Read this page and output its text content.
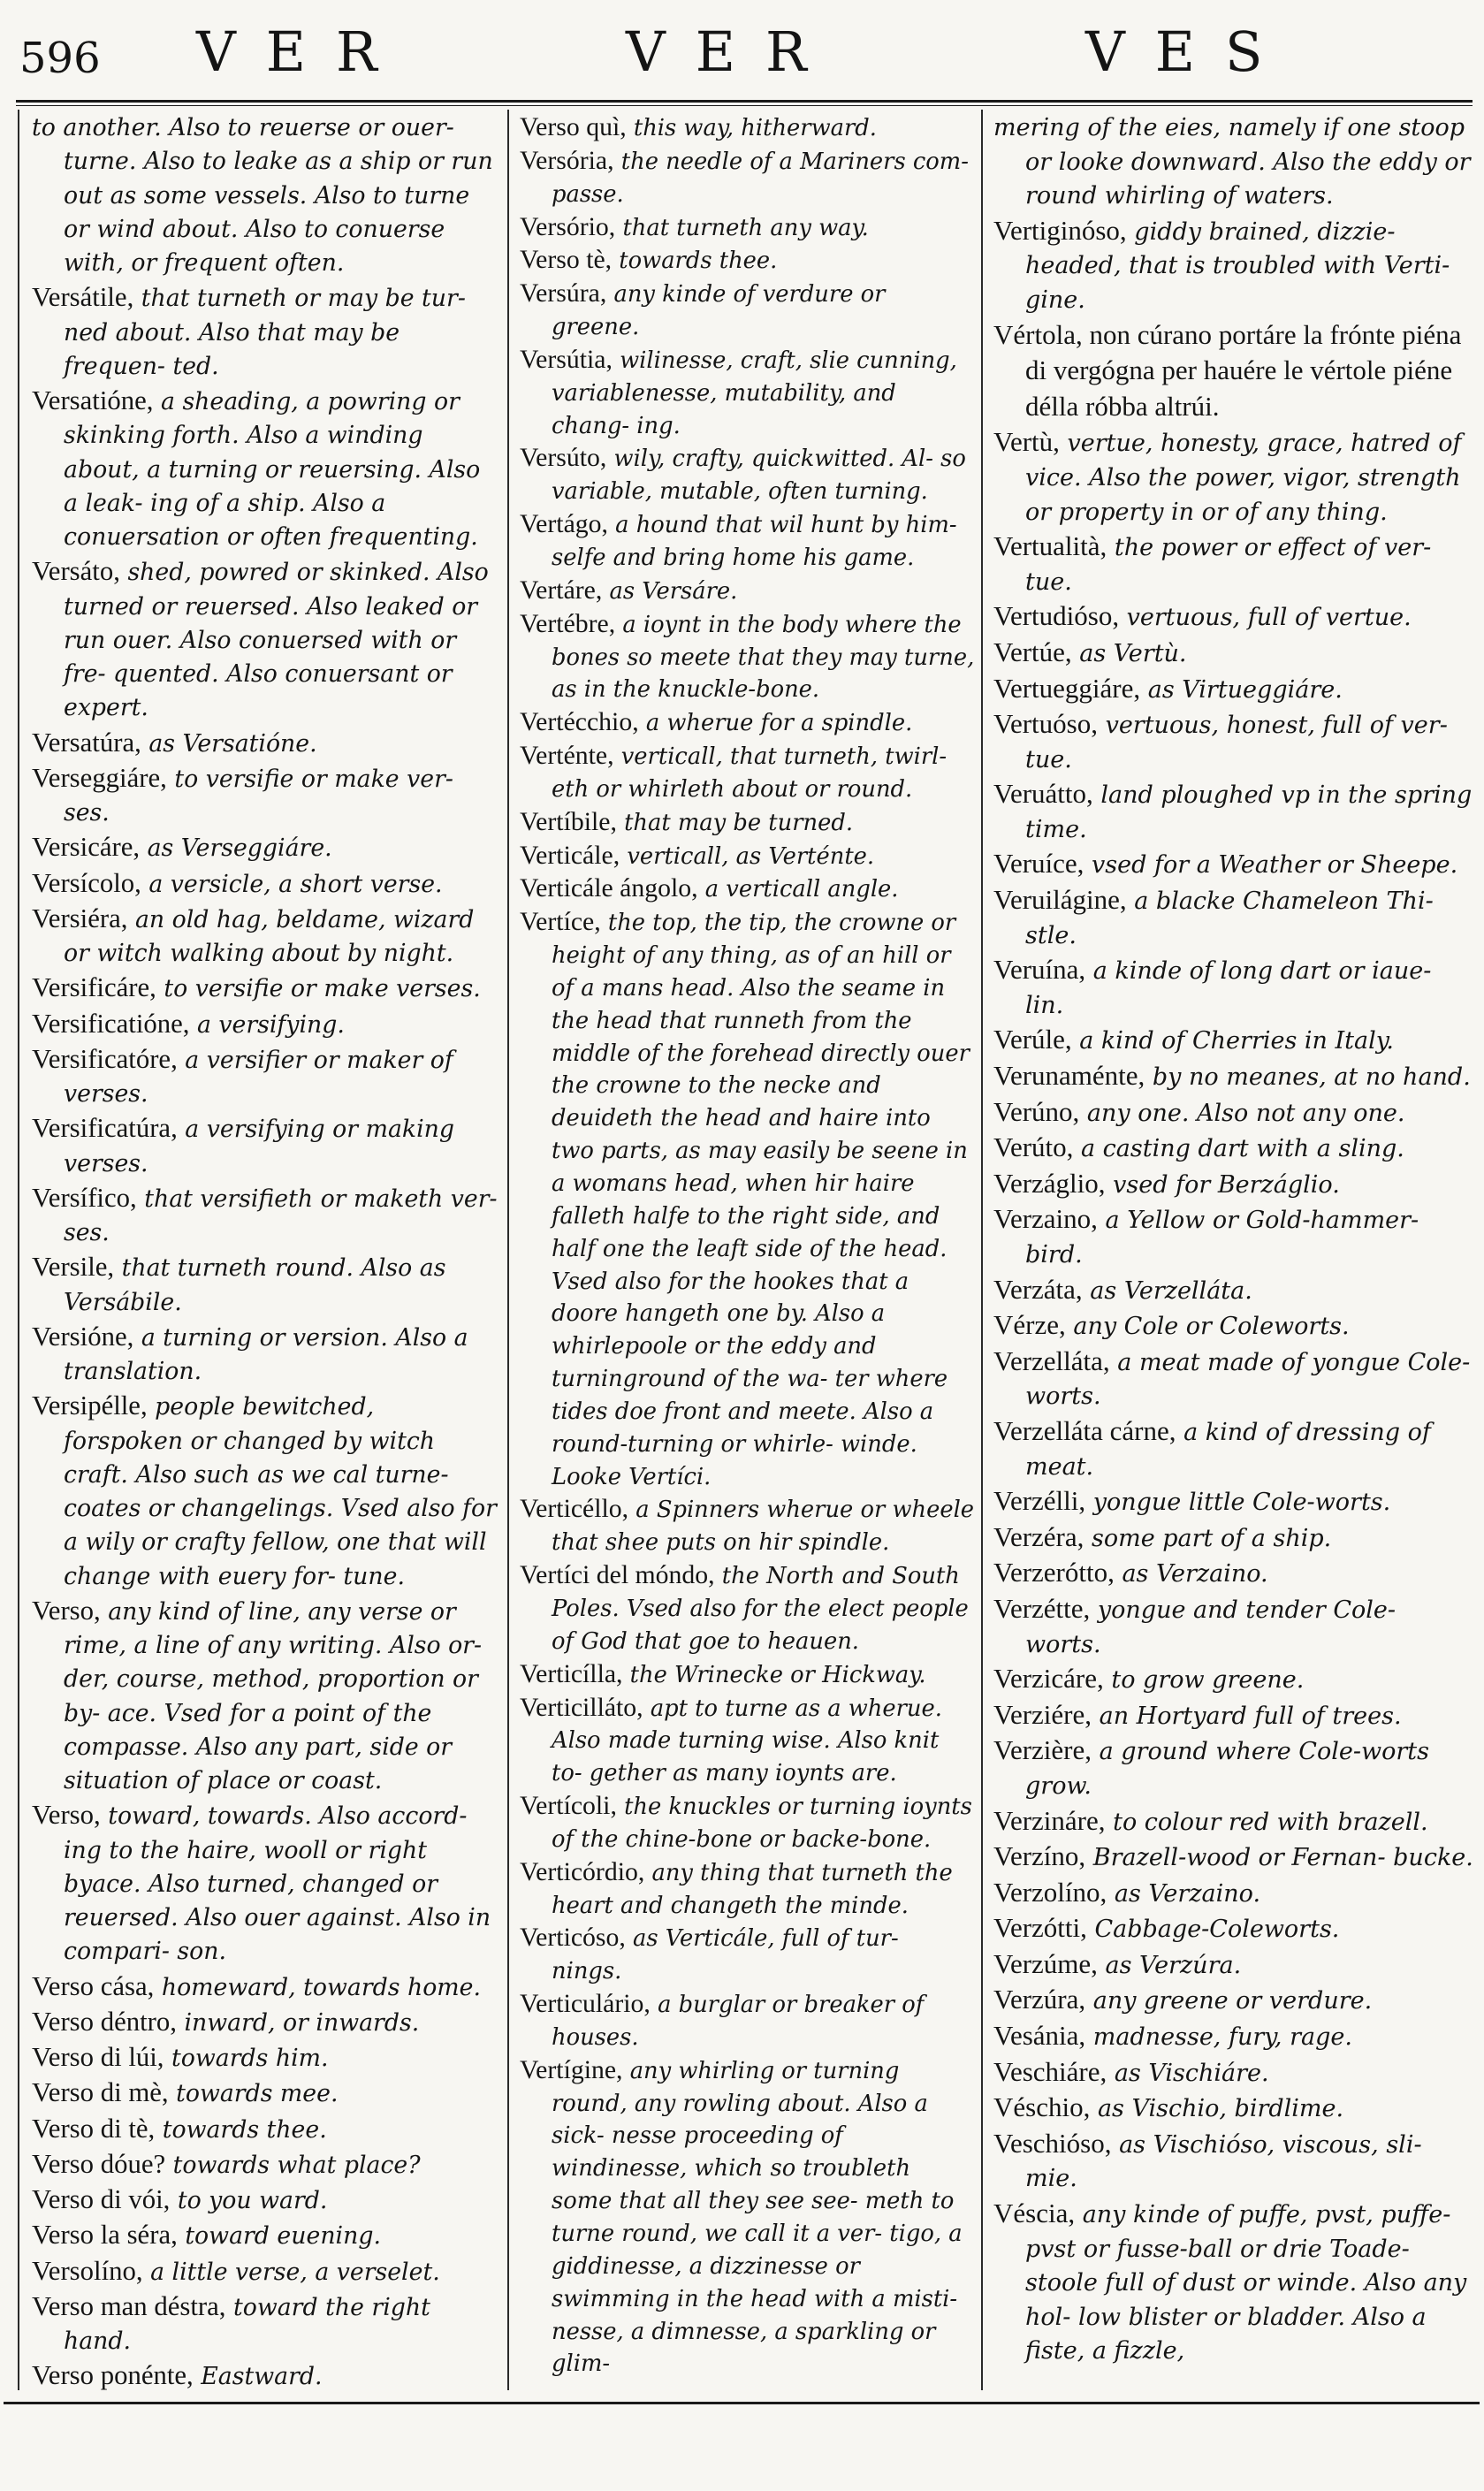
596 VER	VER	VES
to another. Also to reuerse or ouer- turne. Also to leake as a ship or run out as some vessels. Also to turne or wind about. Also to conuerse with, or frequent often.
Versátile, that turneth or may be tur- ned about. Also that may be frequen- ted.
Versatióne, a sheading, a powring or skinking forth. Also a winding about, a turning or reuersing. Also a leak- ing of a ship. Also a conuersation or often frequenting.
Versáto, shed, powred or skinked. Also turned or reuersed. Also leaked or run ouer. Also conuersed with or fre- quented. Also conuersant or expert.
Versatúra, as Versatióne.
Verseggiáre, to versifie or make ver- ses.
Versicáre, as Verseggiáre.
Versícolo, a versicle, a short verse.
Versiéra, an old hag, beldame, wizard or witch walking about by night.
Versificáre, to versifie or make verses.
Versificatióne, a versifying.
Versificatóre, a versifier or maker of verses.
Versificatúra, a versifying or making verses.
Versífico, that versifieth or maketh ver- ses.
Versile, that turneth round. Also as Versábile.
Versióne, a turning or version. Also a translation.
Versipélle, people bewitched, forspoken or changed by witch craft. Also such as we cal turne-coates or changelings. Vsed also for a wily or crafty fellow, one that will change with euery for- tune.
Verso, any kind of line, any verse or rime, a line of any writing. Also or- der, course, method, proportion or by- ace. Vsed for a point of the compasse. Also any part, side or situation of place or coast.
Verso, toward, towards. Also accord- ing to the haire, wooll or right byace. Also turned, changed or reuersed. Also ouer against. Also in compari- son.
Verso cása, homeward, towards home.
Verso déntro, inward, or inwards.
Verso di lúi, towards him.
Verso di mè, towards mee.
Verso di tè, towards thee.
Verso dóue? towards what place?
Verso di vói, to you ward.
Verso la séra, toward euening.
Versolíno, a little verse, a verselet.
Verso man déstra, toward the right hand.
Verso ponénte, Eastward.
Verso quì, this way, hitherward.
Versória, the needle of a Mariners com- passe.
Versório, that turneth any way.
Verso tè, towards thee.
Versúra, any kinde of verdure or greene.
Versútia, wilinesse, craft, slie cunning, variablenesse, mutability, and chang- ing.
Versúto, wily, crafty, quickwitted. Al- so variable, mutable, often turning.
Vertágo, a hound that wil hunt by him- selfe and bring home his game.
Vertáre, as Versáre.
Vertébre, a ioynt in the body where the bones so meete that they may turne, as in the knuckle-bone.
Vertécchio, a wherue for a spindle.
Verténte, verticall, that turneth, twirl- eth or whirleth about or round.
Vertíbile, that may be turned.
Verticále, verticall, as Verténte.
Verticále ángolo, a verticall angle.
Vertíce, the top, the tip, the crowne or height of any thing, as of an hill or of a mans head. Also the seame in the head that runneth from the middle of the forehead directly ouer the crowne to the necke and deuideth the head and haire into two parts, as may easily be seene in a womans head, when hir haire falleth halfe to the right side, and half one the leaft side of the head. Vsed also for the hookes that a doore hangeth one by. Also a whirlepoole or the eddy and turninground of the wa- ter where tides doe front and meete. Also a round-turning or whirle- winde. Looke Vertíci.
Verticéllo, a Spinners wherue or wheele that shee puts on hir spindle.
Vertíci del móndo, the North and South Poles. Vsed also for the elect people of God that goe to heauen.
Verticílla, the Wrinecke or Hickway.
Verticilláto, apt to turne as a wherue. Also made turning wise. Also knit to- gether as many ioynts are.
Vertícoli, the knuckles or turning ioynts of the chine-bone or backe-bone.
Verticórdio, any thing that turneth the heart and changeth the minde.
Verticóso, as Verticále, full of tur- nings.
Verticulário, a burglar or breaker of houses.
Vertígine, any whirling or turning round, any rowling about. Also a sick- nesse proceeding of windinesse, which so troubleth some that all they see see- meth to turne round, we call it a ver- tigo, a giddinesse, a dizzinesse or swimming in the head with a misti- nesse, a dimnesse, a sparkling or glim-
mering of the eies, namely if one stoop or looke downward. Also the eddy or round whirling of waters.
Vertiginóso, giddy brained, dizzie- headed, that is troubled with Verti- gine.
Vértola, non cúrano portáre la frónte piéna di vergógna per hauére le vértole piéne délla róbba altrúi.
Vertù, vertue, honesty, grace, hatred of vice. Also the power, vigor, strength or property in or of any thing.
Vertualità, the power or effect of ver- tue.
Vertudióso, vertuous, full of vertue.
Vertúe, as Vertù.
Vertueggiáre, as Virtueggiáre.
Vertuóso, vertuous, honest, full of ver- tue.
Veruátto, land ploughed vp in the spring time.
Veruíce, vsed for a Weather or Sheepe.
Veruilágine, a blacke Chameleon Thi- stle.
Veruína, a kinde of long dart or iaue- lin.
Verúle, a kind of Cherries in Italy.
Verunaménte, by no meanes, at no hand.
Verúno, any one. Also not any one.
Verúto, a casting dart with a sling.
Verzáglio, vsed for Berzáglio.
Verzaino, a Yellow or Gold-hammer- bird.
Verzáta, as Verzelláta.
Vérze, any Cole or Coleworts.
Verzelláta, a meat made of yongue Cole- worts.
Verzelláta cárne, a kind of dressing of meat.
Verzélli, yongue little Cole-worts.
Verzéra, some part of a ship.
Verzerótto, as Verzaino.
Verzétte, yongue and tender Cole- worts.
Verzicáre, to grow greene.
Verziére, an Hortyard full of trees.
Verzière, a ground where Cole-worts grow.
Verzináre, to colour red with brazell.
Verzíno, Brazell-wood or Fernan- bucke.
Verzolíno, as Verzaino.
Verzótti, Cabbage-Coleworts.
Verzúme, as Verzúra.
Verzúra, any greene or verdure.
Vesánia, madnesse, fury, rage.
Veschiáre, as Vischiáre.
Véschio, as Vischio, birdlime.
Veschióso, as Vischióso, viscous, sli- mie.
Véscia, any kinde of puffe, pvst, puffe- pvst or fusse-ball or drie Toade-stoole full of dust or winde. Also any hol- low blister or bladder. Also a fiste, a fizzle,
